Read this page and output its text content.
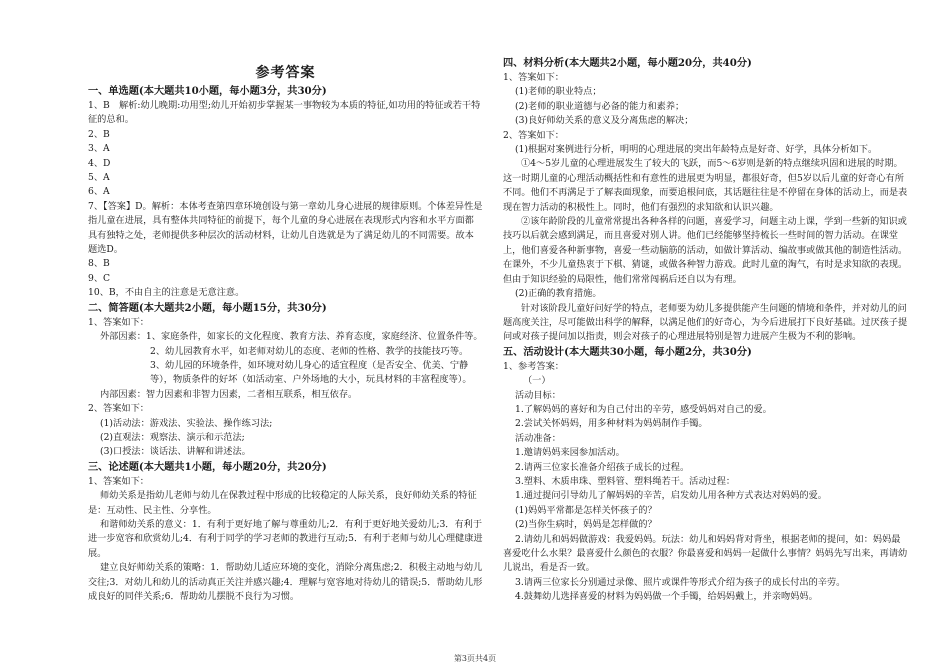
参考答案
一、单选题(本大题共10小题，每小题3分，共30分)
1、B　解析:幼儿晚期:功用型;幼儿开始初步掌握某一事物较为本质的特征,如功用的特征或若干特征的总和。
2、B
3、A
4、D
5、A
6、A
7、【答案】D。解析：本体考查第四章环境创设与第一章幼儿身心进展的规律原则。个体差异性是指儿童在进展，具有整体共同特征的前提下，每个儿童的身心进展在表现形式内容和水平方面都具有独特之处，老师提供多种层次的活动材料，让幼儿自选就是为了满足幼儿的不同需要。故本题选D。
8、B
9、C
10、B，不由自主的注意是无意注意。
二、简答题(本大题共2小题，每小题15分，共30分)
1、答案如下：
外部因素：1、家庭条件，如家长的文化程度、教育方法、养育态度，家庭经济、位置条件等。
2、幼儿园教育水平，如老师对幼儿的态度、老师的性格、教学的技能技巧等。
3、幼儿园的环境条件，如环境对幼儿身心的适宜程度（是否安全、优美、宁静等），物质条件的好坏（如活动室、户外场地的大小，玩具材料的丰富程度等）。
内部因素：智力因素和非智力因素，二者相互联系，相互依存。
2、答案如下：
(1)活动法：游戏法、实验法、操作练习法;
(2)直观法：观察法、演示和示范法;
(3)口授法：谈话法、讲解和讲述法。
三、论述题(本大题共1小题，每小题20分，共20分)
1、答案如下：
师幼关系是指幼儿老师与幼儿在保教过程中形成的比较稳定的人际关系，良好师幼关系的特征是：互动性、民主性、分享性。
和谐师幼关系的意义：1．有利于更好地了解与尊重幼儿;2．有利于更好地关爱幼儿;3．有利于进一步宽容和欣赏幼儿;4．有利于同学的学习老师的教进行互动;5．有利于老师与幼儿心理健康进展。
建立良好师幼关系的策略：1．帮助幼儿适应环境的变化，消除分离焦虑;2．积极主动地与幼儿交往;3．对幼儿和幼儿的活动真正关注并感兴趣;4．理解与宽容地对待幼儿的错误;5．帮助幼儿形成良好的同伴关系;6．帮助幼儿摆脱不良行为习惯。
四、材料分析(本大题共2小题，每小题20分，共40分)
1、答案如下：
(1)老师的职业特点；
(2)老师的职业道德与必备的能力和素养；
(3)良好师幼关系的意义及分离焦虑的解决；
2、答案如下：
(1)根据对案例进行分析，明明的心理进展的突出年龄特点是好奇、好学，具体分析如下。
①4～5岁儿童的心理进展发生了较大的飞跃，而5～6岁则是新的特点继续巩固和进展的时期。这一时期儿童的心理活动概括性和有意性的进展更为明显，都很好奇，但5岁以后儿童的好奇心有所不同。他们不再满足于了解表面现象，而要追根问底，其话题往往是不停留在身体的活动上，而是表现在智力活动的积极性上。同时，他们有强烈的求知欲和认识兴趣。
②该年龄阶段的儿童常常提出各种各样的问题，喜爱学习，问题主动上课，学到一些新的知识或技巧以后就会感到满足，而且喜爱对别人讲。他们已经能够坚持梳长一些时间的智力活动。在课堂上，他们喜爱各种新事物，喜爱一些动脑筋的活动，如做计算活动、编故事或做其他的制造性活动。在课外，不少儿童热衷于下棋、猜谜，或做各种智力游戏。此时儿童的淘气，有时是求知欲的表现。但由于知识经验的局限性，他们常常闯祸后还自以为有理。
(2)正确的教育措施。
针对该阶段儿童好问好学的特点，老师要为幼儿多提供能产生问题的情境和条件，并对幼儿的问题高度关注，尽可能做出科学的解释，以满足他们的好奇心，为今后进展打下良好基础。过厌孩子提问或对孩子提问加以指责，则会对孩子的心理进展特别是智力进展产生极为不利的影响。
五、活动设计(本大题共30小题，每小题2分，共30分)
1、参考答案：
（一）
活动目标：
1.了解妈妈的喜好和为自己付出的辛劳，感受妈妈对自己的爱。
2.尝试关怀妈妈，用多种材料为妈妈制作手镯。
活动准备：
1.邀请妈妈来园参加活动。
2.请两三位家长准备介绍孩子成长的过程。
3.塑料、木质串珠、塑料管、塑料绳若干。活动过程：
1.通过提问引导幼儿了解妈妈的辛苦，启发幼儿用各种方式表达对妈妈的爱。
(1)妈妈平常都是怎样关怀孩子的？
(2)当你生病时，妈妈是怎样做的？
2.请幼儿和妈妈做游戏：我爱妈妈。玩法：幼儿和妈妈背对背坐，根据老师的提问，如：妈妈最喜爱吃什么水果？最喜爱什么颜色的衣服？你最喜爱和妈妈一起做什么事情？妈妈先写出来，再请幼儿说出，看是否一致。
3.请两三位家长分别通过录像、照片或课件等形式介绍为孩子的成长付出的辛劳。
4.鼓舞幼儿选择喜爱的材料为妈妈做一个手镯，给妈妈戴上，并亲吻妈妈。
第3页共4页
